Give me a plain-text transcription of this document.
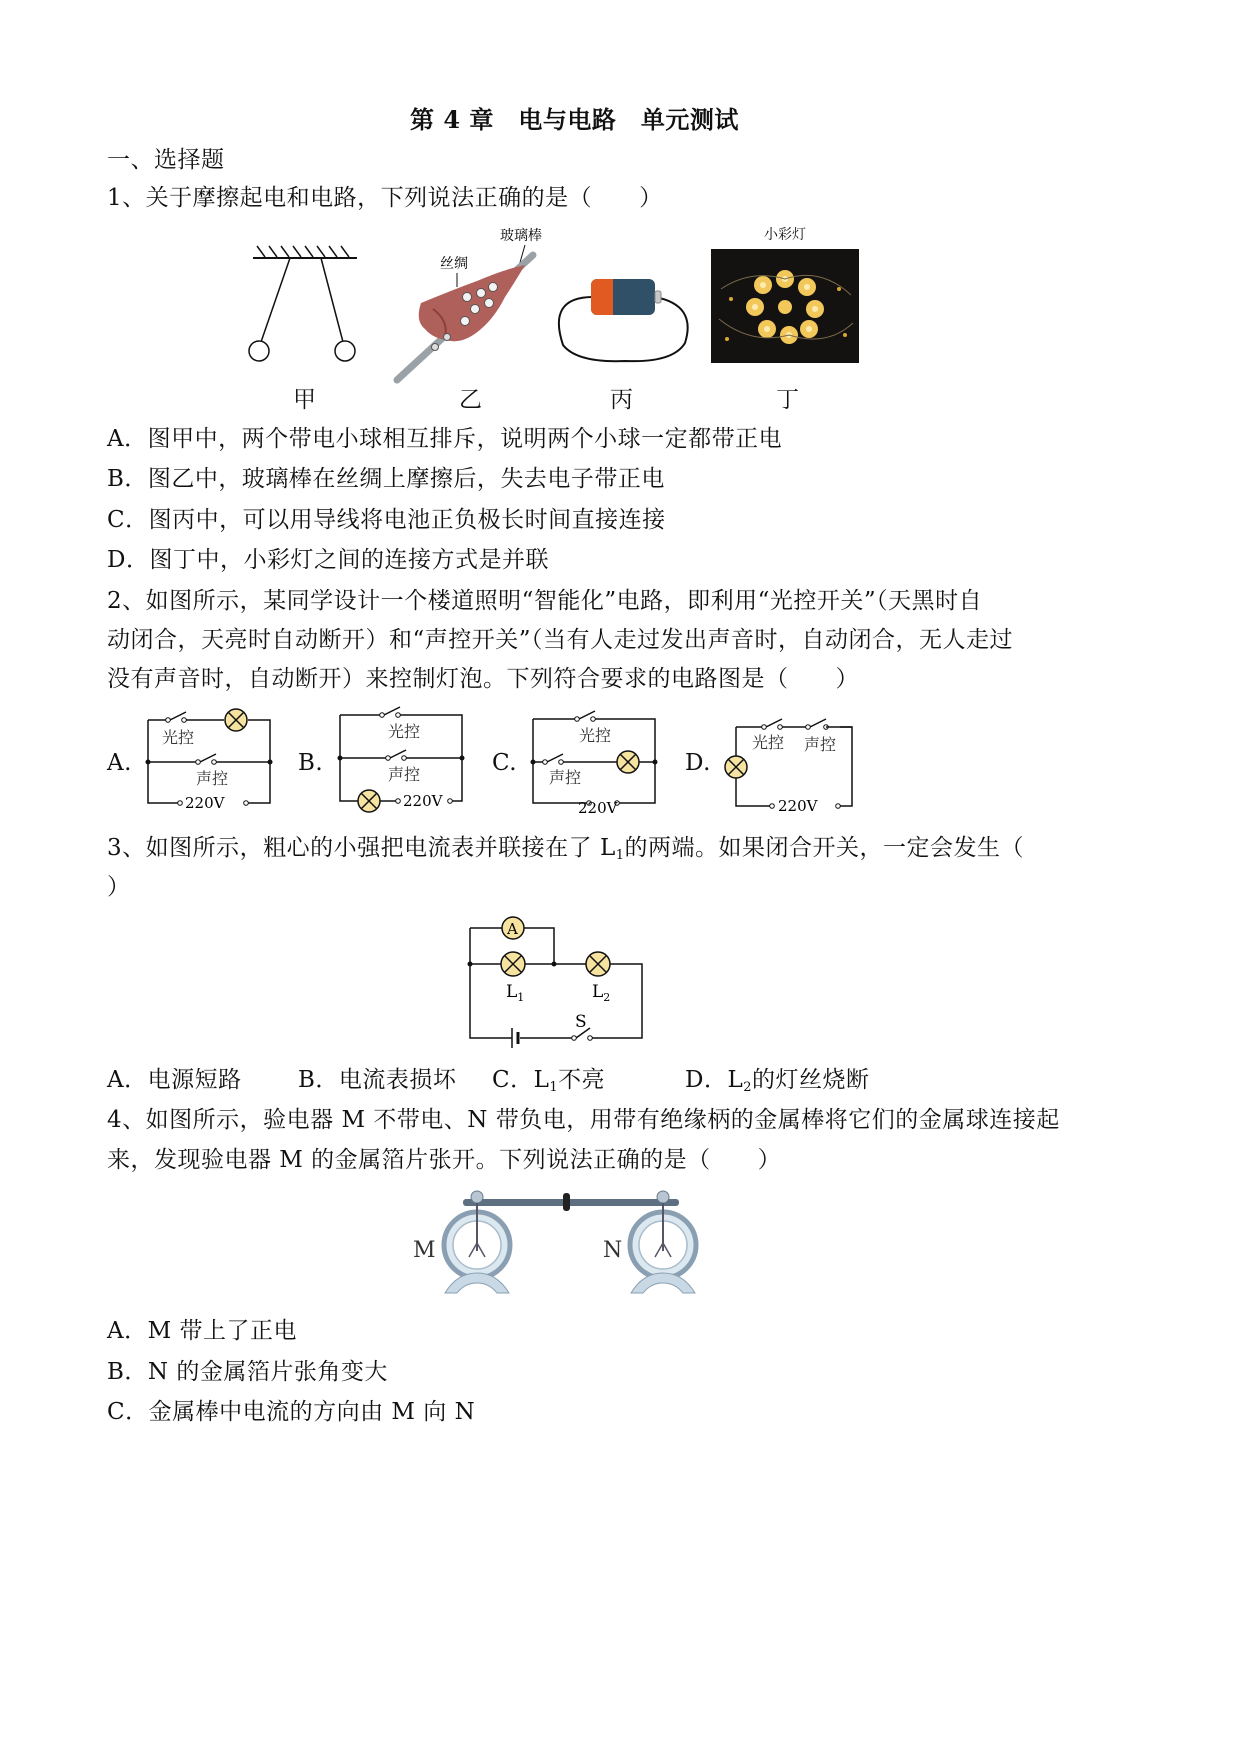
第 4 章　电与电路　单元测试
一、选择题
1、关于摩擦起电和电路，下列说法正确的是（　　）
玻璃棒
丝绸
小彩灯
甲	乙	丙	丁
A．图甲中，两个带电小球相互排斥，说明两个小球一定都带正电
B．图乙中，玻璃棒在丝绸上摩擦后，失去电子带正电
C．图丙中，可以用导线将电池正负极长时间直接连接
D．图丁中，小彩灯之间的连接方式是并联
2、如图所示，某同学设计一个楼道照明“智能化”电路，即利用“光控开关”（天黑时自
动闭合，天亮时自动断开）和“声控开关”（当有人走过发出声音时，自动闭合，无人走过
没有声音时，自动断开）来控制灯泡。下列符合要求的电路图是（　　）
A.	B.	C.	D.
光控
声控
220V
光控
声控
220V
光控
声控
220V
光控 声控
220V
3、如图所示，粗心的小强把电流表并联接在了 $L_1$的两端。如果闭合开关，一定会发生（
）
A
$L_1$	$L_2$
S
A．电源短路 B．电流表损坏 C．$L_1$不亮	D．$L_2$的灯丝烧断
4、如图所示，验电器 M 不带电、N 带负电，用带有绝缘柄的金属棒将它们的金属球连接起
来，发现验电器 M 的金属箔片张开。下列说法正确的是（　　）
M	N
A．M 带上了正电
B．N 的金属箔片张角变大
C．金属棒中电流的方向由 M 向 N
